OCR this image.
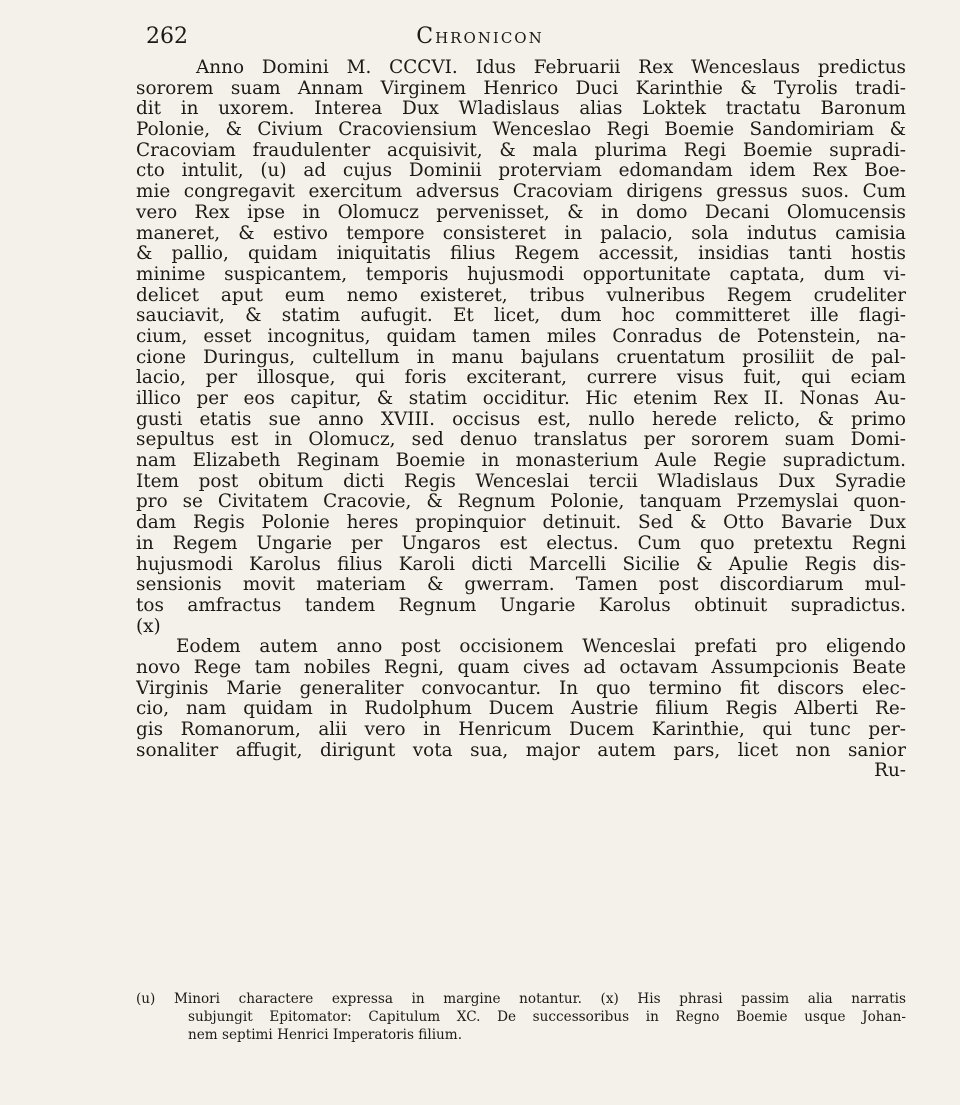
262	Chronicon
Anno Domini M. CCCVI. Idus Februarii Rex Wenceslaus predictus
sororem suam Annam Virginem Henrico Duci Karinthie & Tyrolis tradi-
dit in uxorem. Interea Dux Wladislaus alias Loktek tractatu Baronum
Polonie, & Civium Cracoviensium Wenceslao Regi Boemie Sandomiriam &
Cracoviam fraudulenter acquisivit, & mala plurima Regi Boemie supradi-
cto intulit, (u) ad cujus Dominii proterviam edomandam idem Rex Boe-
mie congregavit exercitum adversus Cracoviam dirigens gressus suos. Cum
vero Rex ipse in Olomucz pervenisset, & in domo Decani Olomucensis
maneret, & estivo tempore consisteret in palacio, sola indutus camisia
& pallio, quidam iniquitatis filius Regem accessit, insidias tanti hostis
minime suspicantem, temporis hujusmodi opportunitate captata, dum vi-
delicet aput eum nemo existeret, tribus vulneribus Regem crudeliter
sauciavit, & statim aufugit. Et licet, dum hoc committeret ille flagi-
cium, esset incognitus, quidam tamen miles Conradus de Potenstein, na-
cione Duringus, cultellum in manu bajulans cruentatum prosiliit de pal-
lacio, per illosque, qui foris exciterant, currere visus fuit, qui eciam
illico per eos capitur, & statim occiditur. Hic etenim Rex II. Nonas Au-
gusti etatis sue anno XVIII. occisus est, nullo herede relicto, & primo
sepultus est in Olomucz, sed denuo translatus per sororem suam Domi-
nam Elizabeth Reginam Boemie in monasterium Aule Regie supradictum.
Item post obitum dicti Regis Wenceslai tercii Wladislaus Dux Syradie
pro se Civitatem Cracovie, & Regnum Polonie, tanquam Przemyslai quon-
dam Regis Polonie heres propinquior detinuit. Sed & Otto Bavarie Dux
in Regem Ungarie per Ungaros est electus. Cum quo pretextu Regni
hujusmodi Karolus filius Karoli dicti Marcelli Sicilie & Apulie Regis dis-
sensionis movit materiam & gwerram. Tamen post discordiarum mul-
tos amfractus tandem Regnum Ungarie Karolus obtinuit supradictus.
(x)
Eodem autem anno post occisionem Wenceslai prefati pro eligendo
novo Rege tam nobiles Regni, quam cives ad octavam Assumpcionis Beate
Virginis Marie generaliter convocantur. In quo termino fit discors elec-
cio, nam quidam in Rudolphum Ducem Austrie filium Regis Alberti Re-
gis Romanorum, alii vero in Henricum Ducem Karinthie, qui tunc per-
sonaliter affugit, dirigunt vota sua, major autem pars, licet non sanior
Ru-
(u) Minori charactere expressa in margine notantur. (x) His phrasi passim alia narratis
subjungit Epitomator: Capitulum XC. De successoribus in Regno Boemie usque Johan-
nem septimi Henrici Imperatoris filium.
